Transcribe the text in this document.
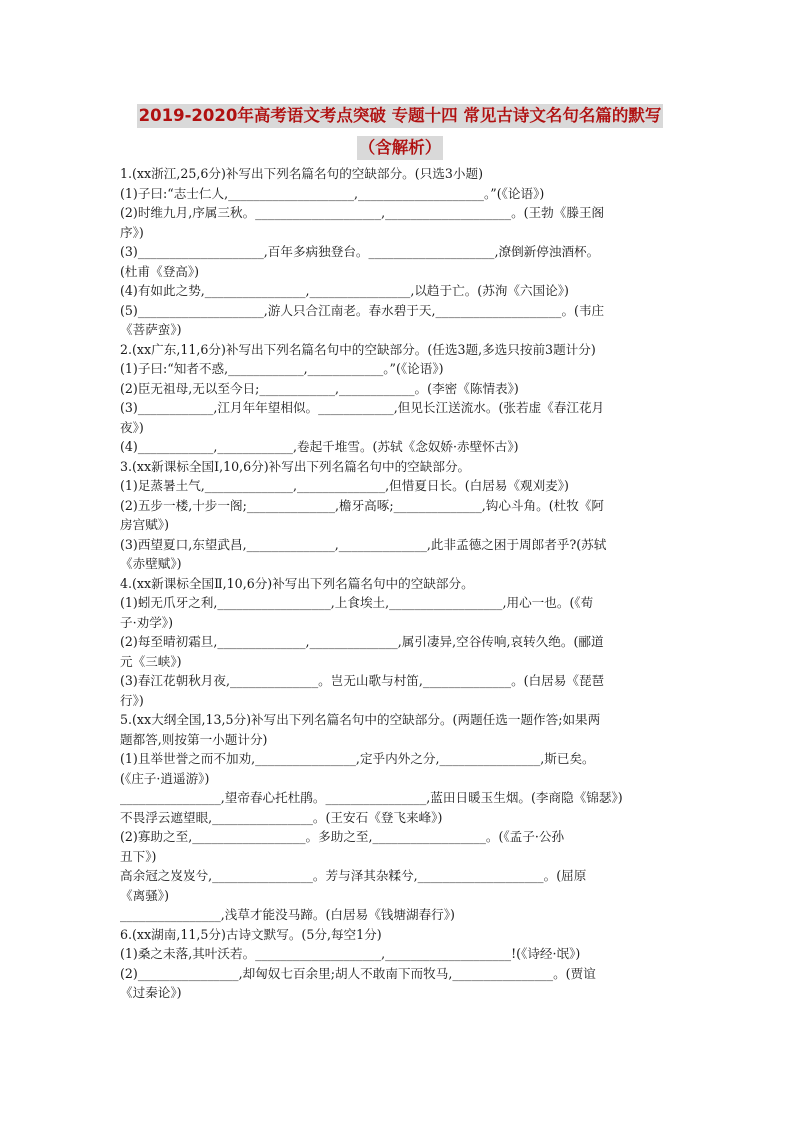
2019-2020年高考语文考点突破 专题十四 常见古诗文名句名篇的默写
（含解析）
1.(xx浙江,25,6分)补写出下列名篇名句的空缺部分。(只选3小题)
(1)子曰:“志士仁人,____________________,____________________。”(《论语》)
(2)时维九月,序属三秋。____________________,____________________。(王勃《滕王阁
序》)
(3)____________________,百年多病独登台。____________________,潦倒新停浊酒杯。
(杜甫《登高》)
(4)有如此之势,________________,________________,以趋于亡。(苏洵《六国论》)
(5)____________________,游人只合江南老。春水碧于天,____________________。(韦庄
《菩萨蛮》)
2.(xx广东,11,6分)补写出下列名篇名句中的空缺部分。(任选3题,多选只按前3题计分)
(1)子曰:“知者不惑,____________,____________。”(《论语》)
(2)臣无祖母,无以至今日;____________,____________。(李密《陈情表》)
(3)____________,江月年年望相似。____________,但见长江送流水。(张若虚《春江花月
夜》)
(4)____________,____________,卷起千堆雪。(苏轼《念奴娇·赤壁怀古》)
3.(xx新课标全国Ⅰ,10,6分)补写出下列名篇名句中的空缺部分。
(1)足蒸暑土气,______________,______________,但惜夏日长。(白居易《观刈麦》)
(2)五步一楼,十步一阁;______________,檐牙高啄;______________,钩心斗角。(杜牧《阿
房宫赋》)
(3)西望夏口,东望武昌,______________,______________,此非孟德之困于周郎者乎?(苏轼
《赤壁赋》)
4.(xx新课标全国Ⅱ,10,6分)补写出下列名篇名句中的空缺部分。
(1)蚓无爪牙之利,__________________,上食埃土,__________________,用心一也。(《荀
子·劝学》)
(2)每至晴初霜旦,______________,______________,属引凄异,空谷传响,哀转久绝。(郦道
元《三峡》)
(3)春江花朝秋月夜,______________。岂无山歌与村笛,______________。(白居易《琵琶
行》)
5.(xx大纲全国,13,5分)补写出下列名篇名句中的空缺部分。(两题任选一题作答;如果两
题都答,则按第一小题计分)
(1)且举世誉之而不加劝,________________,定乎内外之分,________________,斯已矣。
(《庄子·逍遥游》)
________________,望帝春心托杜鹃。________________,蓝田日暖玉生烟。(李商隐《锦瑟》)
不畏浮云遮望眼,________________。(王安石《登飞来峰》)
(2)寡助之至,__________________。多助之至,__________________。(《孟子·公孙
丑下》)
高余冠之岌岌兮,________________。芳与泽其杂糅兮,____________________。(屈原
《离骚》)
________________,浅草才能没马蹄。(白居易《钱塘湖春行》)
6.(xx湖南,11,5分)古诗文默写。(5分,每空1分)
(1)桑之未落,其叶沃若。____________________,____________________!(《诗经·氓》)
(2)________________,却匈奴七百余里;胡人不敢南下而牧马,________________。(贾谊
《过秦论》)
